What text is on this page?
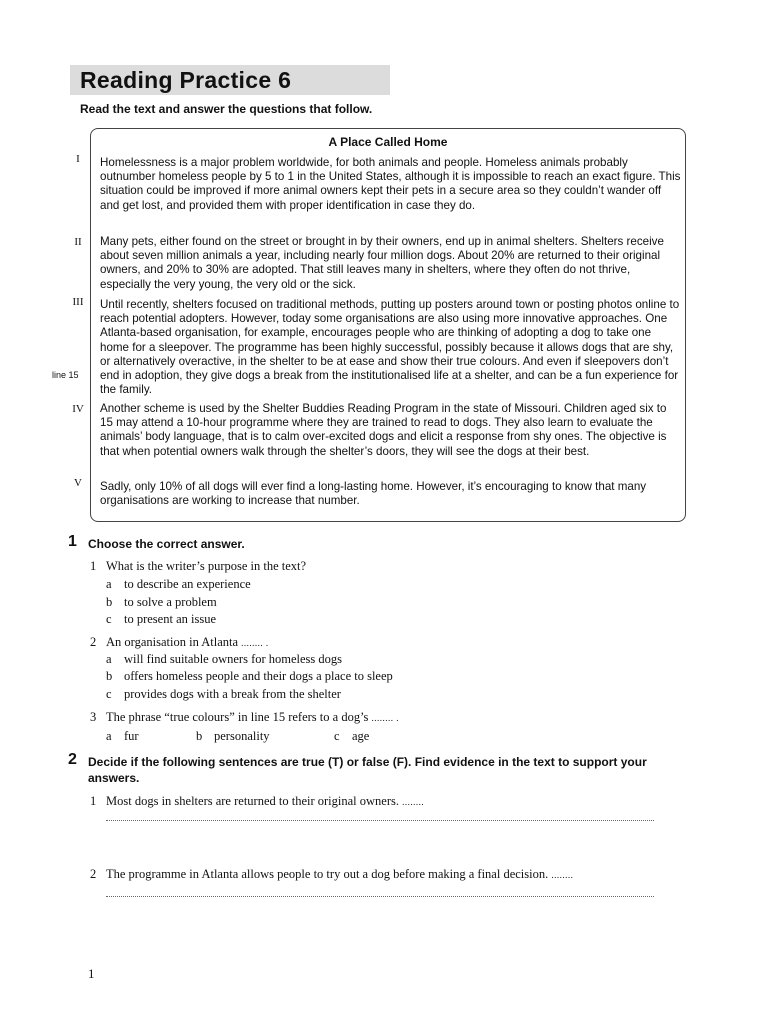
Reading Practice 6
Read the text and answer the questions that follow.
I
II
III
line 15
IV
V
A Place Called Home
Homelessness is a major problem worldwide, for both animals and people. Homeless animals probably outnumber homeless people by 5 to 1 in the United States, although it is impossible to reach an exact figure. This situation could be improved if more animal owners kept their pets in a secure area so they couldn’t wander off and get lost, and provided them with proper identification in case they do.
Many pets, either found on the street or brought in by their owners, end up in animal shelters. Shelters receive about seven million animals a year, including nearly four million dogs. About 20% are returned to their original owners, and 20% to 30% are adopted. That still leaves many in shelters, where they often do not thrive, especially the very young, the very old or the sick.
Until recently, shelters focused on traditional methods, putting up posters around town or posting photos online to reach potential adopters. However, today some organisations are also using more innovative approaches. One Atlanta-based organisation, for example, encourages people who are thinking of adopting a dog to take one home for a sleepover. The programme has been highly successful, possibly because it allows dogs that are shy, or alternatively overactive, in the shelter to be at ease and show their true colours. And even if sleepovers don’t end in adoption, they give dogs a break from the institutionalised life at a shelter, and can be a fun experience for the family.
Another scheme is used by the Shelter Buddies Reading Program in the state of Missouri. Children aged six to 15 may attend a 10-hour programme where they are trained to read to dogs. They also learn to evaluate the animals’ body language, that is to calm over-excited dogs and elicit a response from shy ones. The objective is that when potential owners walk through the shelter’s doors, they will see the dogs at their best.
Sadly, only 10% of all dogs will ever find a long-lasting home. However, it’s encouraging to know that many organisations are working to increase that number.
1 Choose the correct answer.
1 What is the writer’s purpose in the text?
a to describe an experience
b to solve a problem
c to present an issue
2 An organisation in Atlanta ........ .
a will find suitable owners for homeless dogs
b offers homeless people and their dogs a place to sleep
c provides dogs with a break from the shelter
3 The phrase “true colours” in line 15 refers to a dog’s ........ .
a fur	b personality	c age
2 Decide if the following sentences are true (T) or false (F). Find evidence in the text to support your answers.
1 Most dogs in shelters are returned to their original owners. ........
2 The programme in Atlanta allows people to try out a dog before making a final decision. ........
1
